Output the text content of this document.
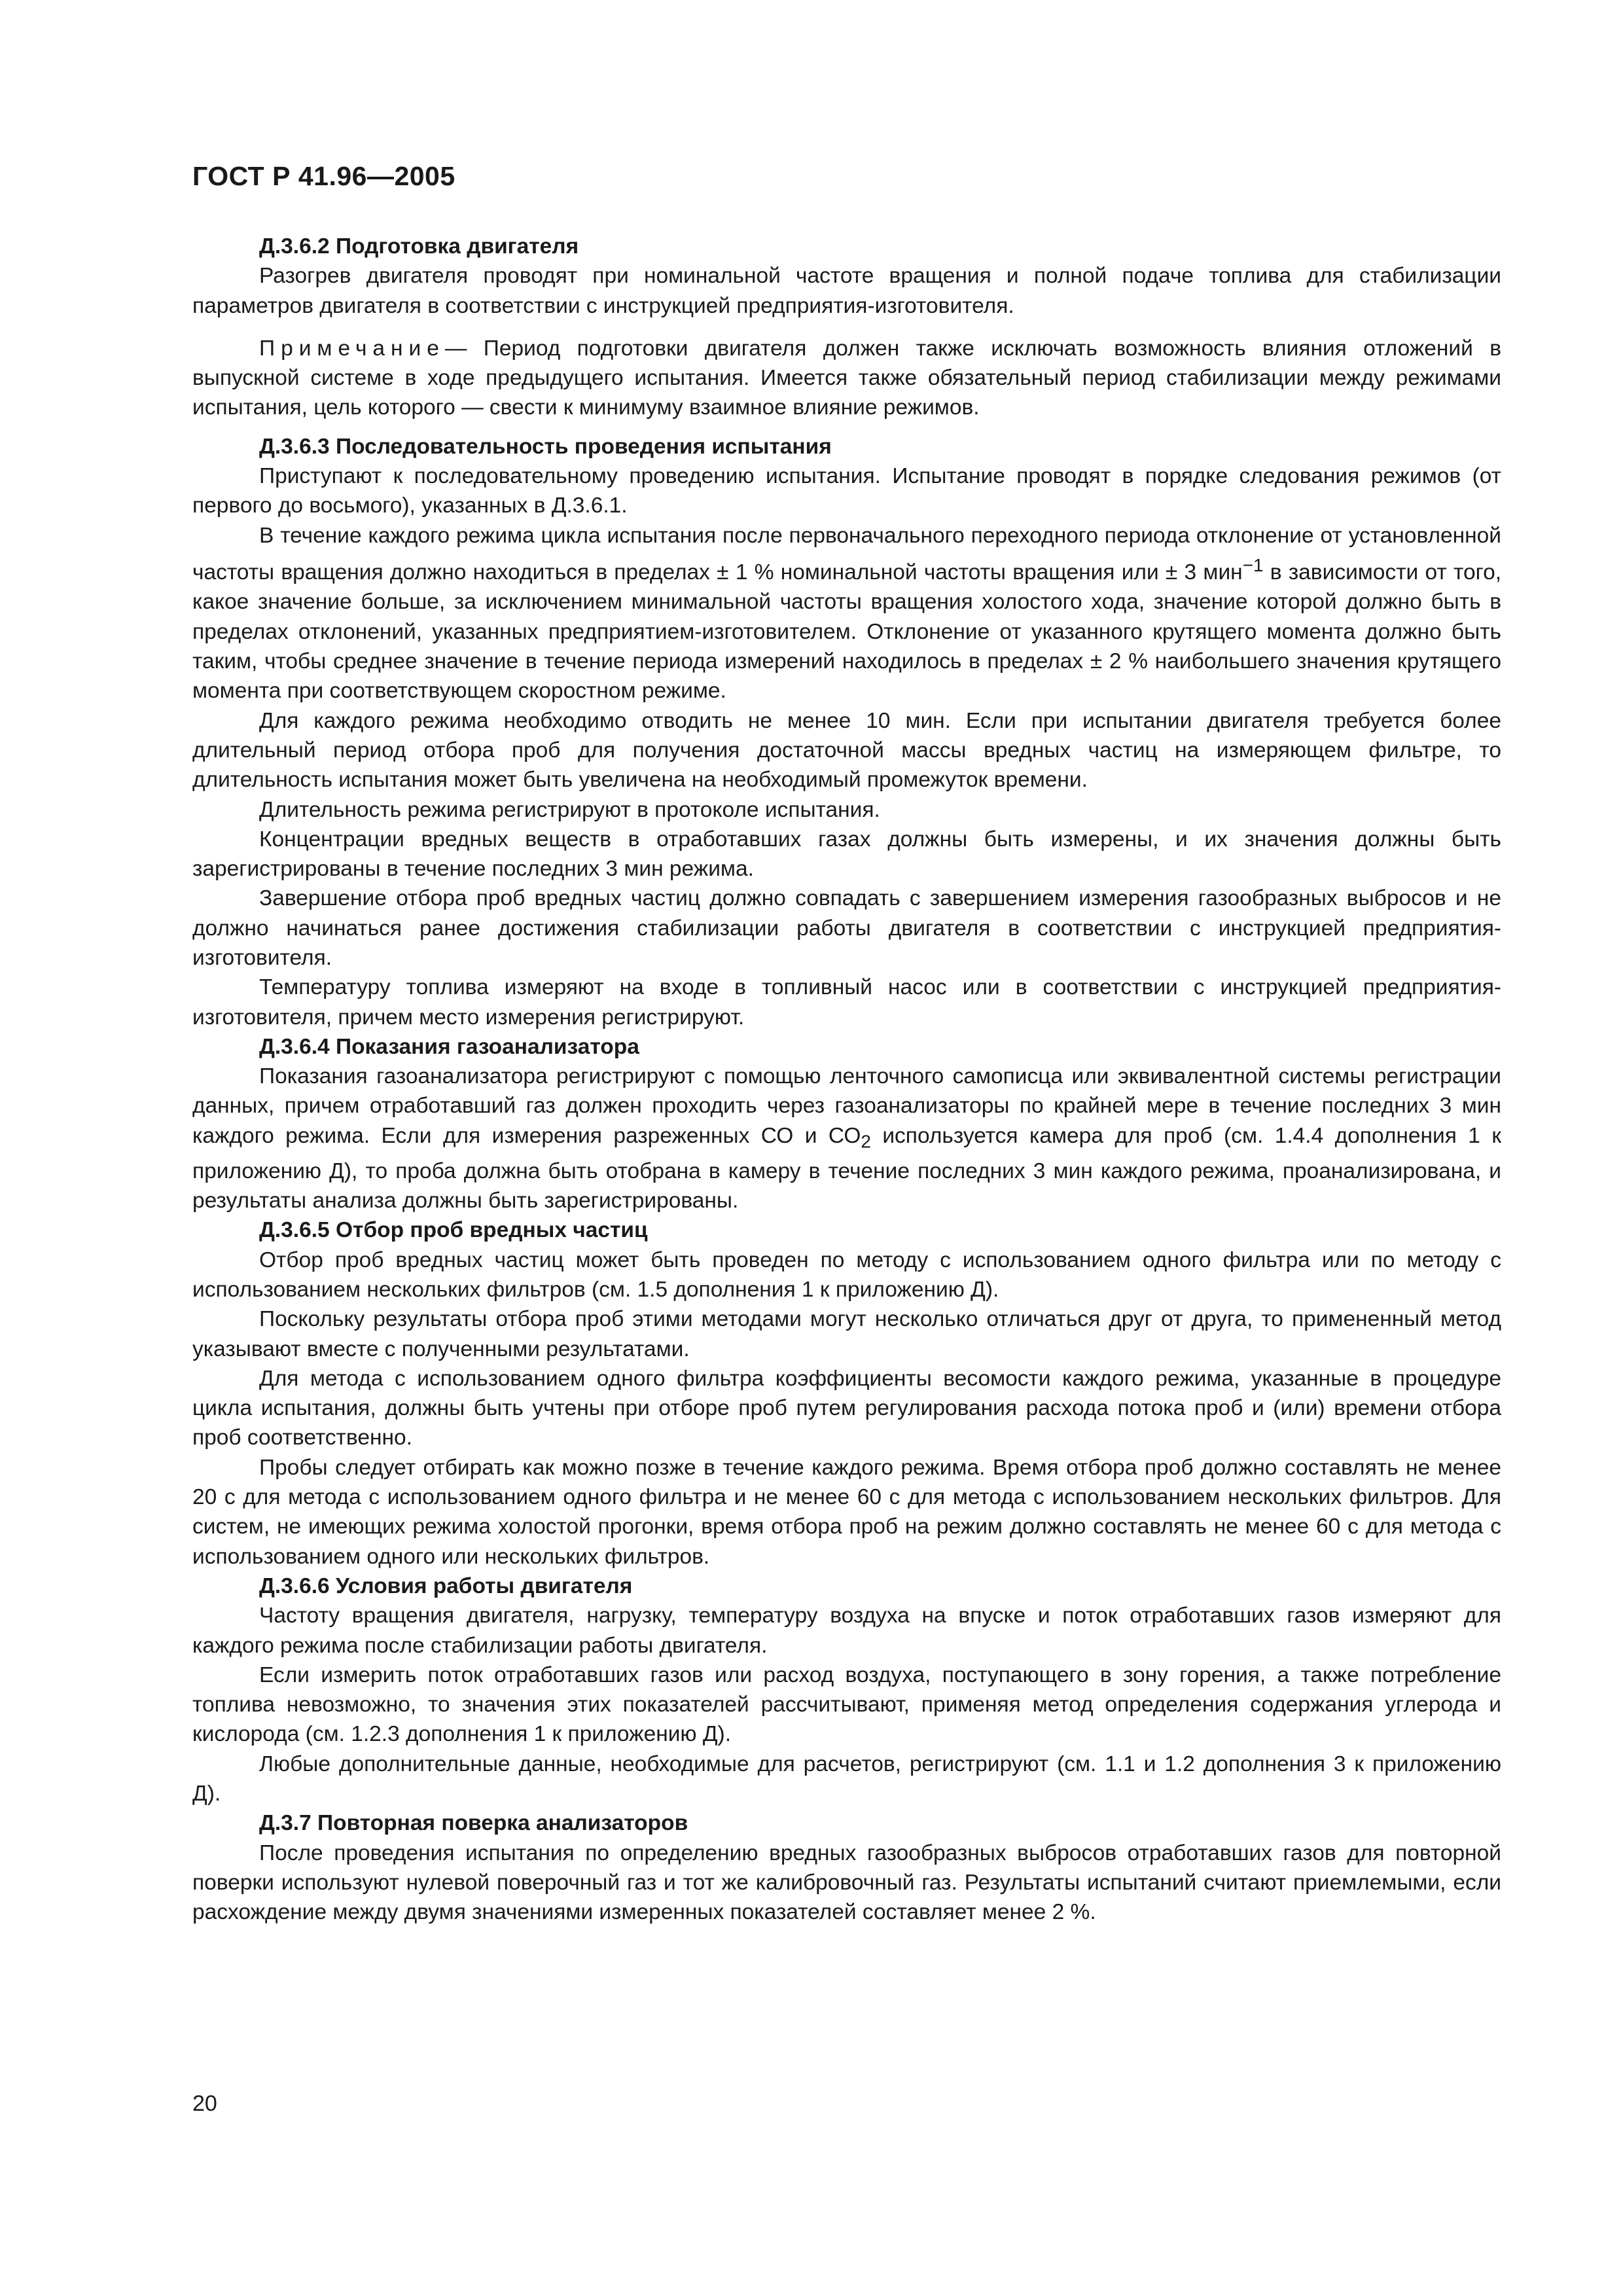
ГОСТ Р 41.96—2005
Д.3.6.2 Подготовка двигателя

Разогрев двигателя проводят при номинальной частоте вращения и полной подаче топлива для стабилизации параметров двигателя в соответствии с инструкцией предприятия-изготовителя.

Примечание— Период подготовки двигателя должен также исключать возможность влияния отложений в выпускной системе в ходе предыдущего испытания. Имеется также обязательный период стабилизации между режимами испытания, цель которого — свести к минимуму взаимное влияние режимов.

Д.3.6.3 Последовательность проведения испытания

Приступают к последовательному проведению испытания. Испытание проводят в порядке следования режимов (от первого до восьмого), указанных в Д.3.6.1.

В течение каждого режима цикла испытания после первоначального переходного периода отклонение от установленной частоты вращения должно находиться в пределах ± 1 % номинальной частоты вращения или ± 3 мин$^{-1}$ в зависимости от того, какое значение больше, за исключением минимальной частоты вращения холостого хода, значение которой должно быть в пределах отклонений, указанных предприятием-изготовителем. Отклонение от указанного крутящего момента должно быть таким, чтобы среднее значение в течение периода измерений находилось в пределах ± 2 % наибольшего значения крутящего момента при соответствующем скоростном режиме.

Для каждого режима необходимо отводить не менее 10 мин. Если при испытании двигателя требуется более длительный период отбора проб для получения достаточной массы вредных частиц на измеряющем фильтре, то длительность испытания может быть увеличена на необходимый промежуток времени.

Длительность режима регистрируют в протоколе испытания.

Концентрации вредных веществ в отработавших газах должны быть измерены, и их значения должны быть зарегистрированы в течение последних 3 мин режима.

Завершение отбора проб вредных частиц должно совпадать с завершением измерения газообразных выбросов и не должно начинаться ранее достижения стабилизации работы двигателя в соответствии с инструкцией предприятия-изготовителя.

Температуру топлива измеряют на входе в топливный насос или в соответствии с инструкцией предприятия-изготовителя, причем место измерения регистрируют.

Д.3.6.4 Показания газоанализатора

Показания газоанализатора регистрируют с помощью ленточного самописца или эквивалентной системы регистрации данных, причем отработавший газ должен проходить через газоанализаторы по крайней мере в течение последних 3 мин каждого режима. Если для измерения разреженных СО и $СО_2$ используется камера для проб (см. 1.4.4 дополнения 1 к приложению Д), то проба должна быть отобрана в камеру в течение последних 3 мин каждого режима, проанализирована, и результаты анализа должны быть зарегистрированы.

Д.3.6.5 Отбор проб вредных частиц

Отбор проб вредных частиц может быть проведен по методу с использованием одного фильтра или по методу с использованием нескольких фильтров (см. 1.5 дополнения 1 к приложению Д).

Поскольку результаты отбора проб этими методами могут несколько отличаться друг от друга, то примененный метод указывают вместе с полученными результатами.

Для метода с использованием одного фильтра коэффициенты весомости каждого режима, указанные в процедуре цикла испытания, должны быть учтены при отборе проб путем регулирования расхода потока проб и (или) времени отбора проб соответственно.

Пробы следует отбирать как можно позже в течение каждого режима. Время отбора проб должно составлять не менее 20 с для метода с использованием одного фильтра и не менее 60 с для метода с использованием нескольких фильтров. Для систем, не имеющих режима холостой прогонки, время отбора проб на режим должно составлять не менее 60 с для метода с использованием одного или нескольких фильтров.

Д.3.6.6 Условия работы двигателя

Частоту вращения двигателя, нагрузку, температуру воздуха на впуске и поток отработавших газов измеряют для каждого режима после стабилизации работы двигателя.

Если измерить поток отработавших газов или расход воздуха, поступающего в зону горения, а также потребление топлива невозможно, то значения этих показателей рассчитывают, применяя метод определения содержания углерода и кислорода (см. 1.2.3 дополнения 1 к приложению Д).

Любые дополнительные данные, необходимые для расчетов, регистрируют (см. 1.1 и 1.2 дополнения 3 к приложению Д).

Д.3.7 Повторная поверка анализаторов

После проведения испытания по определению вредных газообразных выбросов отработавших газов для повторной поверки используют нулевой поверочный газ и тот же калибровочный газ. Результаты испытаний считают приемлемыми, если расхождение между двумя значениями измеренных показателей составляет менее 2 %.

20
